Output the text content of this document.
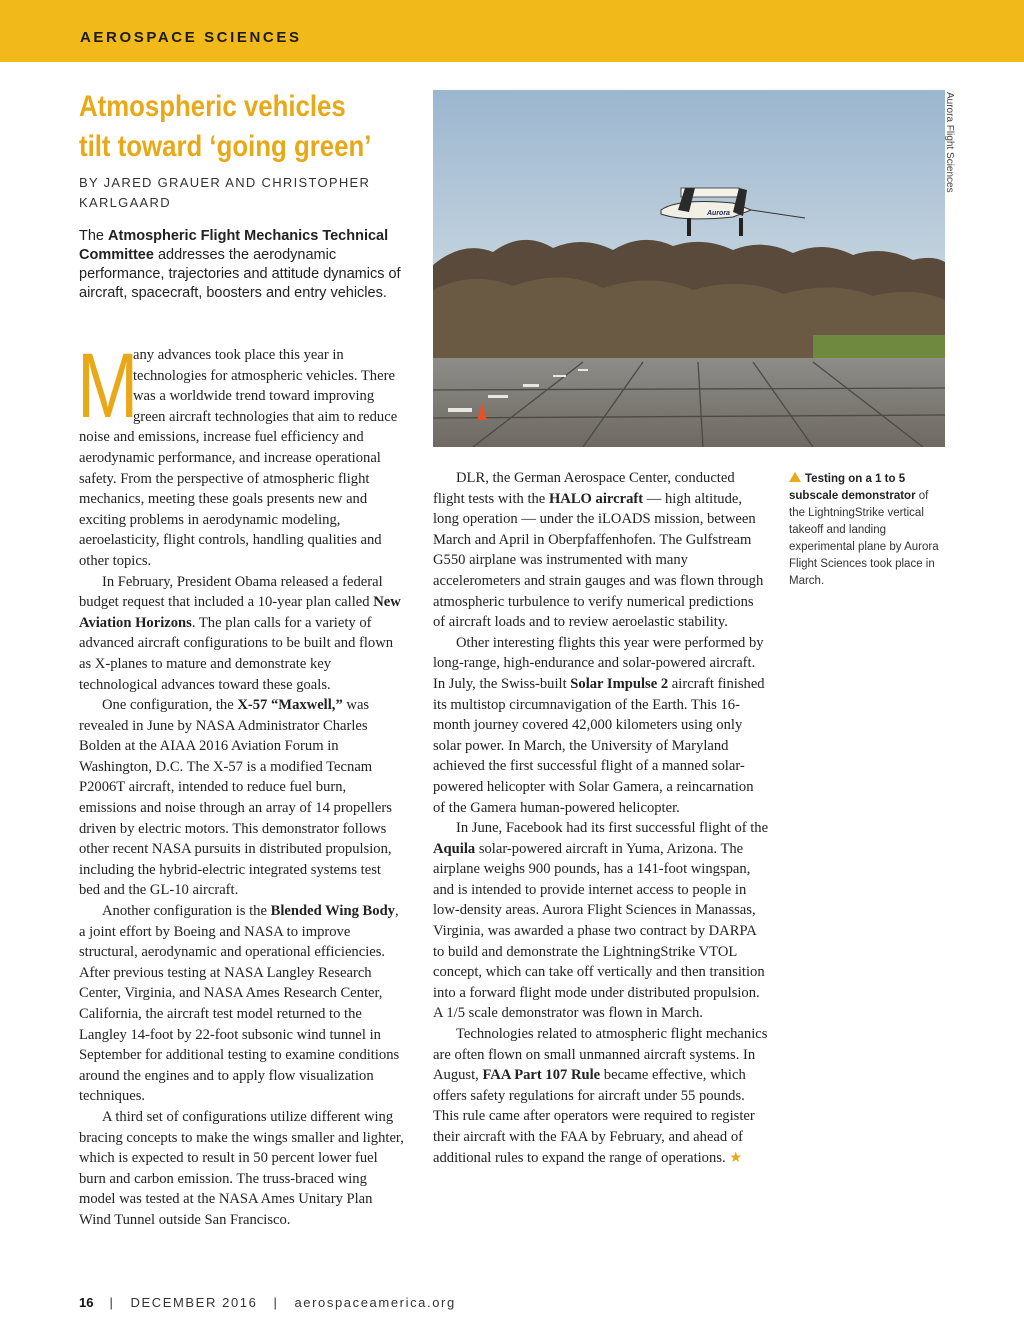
AEROSPACE SCIENCES
Atmospheric vehicles tilt toward ‘going green’
BY JARED GRAUER AND CHRISTOPHER KARLGAARD
The Atmospheric Flight Mechanics Technical Committee addresses the aerodynamic performance, trajectories and attitude dynamics of aircraft, spacecraft, boosters and entry vehicles.

M
any advances took place this year in technologies for atmospheric vehicles. There was a worldwide trend toward improving green aircraft technologies that aim to reduce noise and emissions, increase fuel efficiency and aerodynamic performance, and increase operational safety. From the perspective of atmospheric flight mechanics, meeting these goals presents new and exciting problems in aerodynamic modeling, aeroelasticity, flight controls, handling qualities and other topics.

In February, President Obama released a federal budget request that included a 10-year plan called New Aviation Horizons. The plan calls for a variety of advanced aircraft configurations to be built and flown as X-planes to mature and demonstrate key technological advances toward these goals.

One configuration, the X-57 “Maxwell,” was revealed in June by NASA Administrator Charles Bolden at the AIAA 2016 Aviation Forum in Washington, D.C. The X-57 is a modified Tecnam P2006T aircraft, intended to reduce fuel burn, emissions and noise through an array of 14 propellers driven by electric motors. This demonstrator follows other recent NASA pursuits in distributed propulsion, including the hybrid-electric integrated systems test bed and the GL-10 aircraft.

Another configuration is the Blended Wing Body, a joint effort by Boeing and NASA to improve structural, aerodynamic and operational efficiencies. After previous testing at NASA Langley Research Center, Virginia, and NASA Ames Research Center, California, the aircraft test model returned to the Langley 14-foot by 22-foot subsonic wind tunnel in September for additional testing to examine conditions around the engines and to apply flow visualization techniques.

A third set of configurations utilize different wing bracing concepts to make the wings smaller and lighter, which is expected to result in 50 percent lower fuel burn and carbon emission. The truss-braced wing model was tested at the NASA Ames Unitary Plan Wind Tunnel outside San Francisco.

Aurora
Aurora Flight Sciences

DLR, the German Aerospace Center, conducted flight tests with the HALO aircraft — high altitude, long operation — under the iLOADS mission, between March and April in Oberpfaffenhofen. The Gulfstream G550 airplane was instrumented with many accelerometers and strain gauges and was flown through atmospheric turbulence to verify numerical predictions of aircraft loads and to review aeroelastic stability.

Other interesting flights this year were performed by long-range, high-endurance and solar-powered aircraft. In July, the Swiss-built Solar Impulse 2 aircraft finished its multistop circumnavigation of the Earth. This 16-month journey covered 42,000 kilometers using only solar power. In March, the University of Maryland achieved the first successful flight of a manned solar-powered helicopter with Solar Gamera, a reincarnation of the Gamera human-powered helicopter.

In June, Facebook had its first successful flight of the Aquila solar-powered aircraft in Yuma, Arizona. The airplane weighs 900 pounds, has a 141-foot wingspan, and is intended to provide internet access to people in low-density areas. Aurora Flight Sciences in Manassas, Virginia, was awarded a phase two contract by DARPA to build and demonstrate the LightningStrike VTOL concept, which can take off vertically and then transition into a forward flight mode under distributed propulsion. A 1/5 scale demonstrator was flown in March.

Technologies related to atmospheric flight mechanics are often flown on small unmanned aircraft systems. In August, FAA Part 107 Rule became effective, which offers safety regulations for aircraft under 55 pounds. This rule came after operators were required to register their aircraft with the FAA by February, and ahead of additional rules to expand the range of operations. ★

Testing on a 1 to 5 subscale demonstrator of the LightningStrike vertical takeoff and landing experimental plane by Aurora Flight Sciences took place in March.
16 | DECEMBER 2016 | aerospaceamerica.org
